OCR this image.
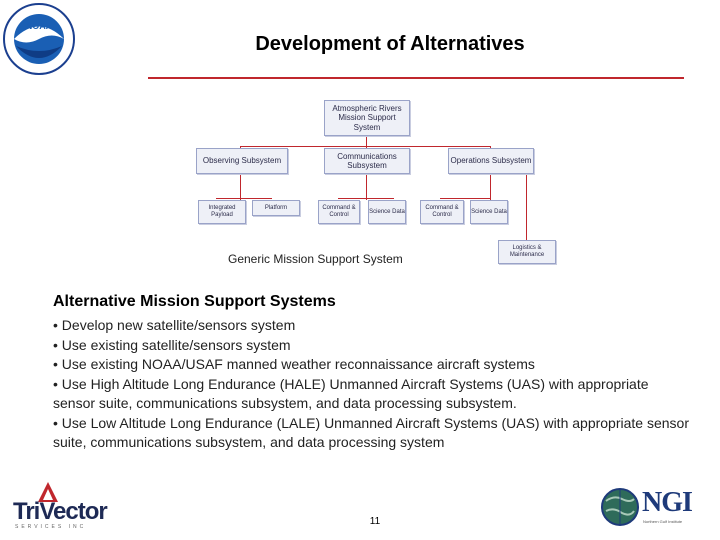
NOAA
Development of Alternatives
Atmospheric Rivers Mission Support System
Observing Subsystem
Communications Subsystem
Operations Subsystem
Integrated Payload
Platform	Command & Control
Science Data
Command & Control
Science Data
Logistics & Maintenance
Generic Mission Support System
Alternative Mission Support Systems

• Develop new satellite/sensors system

• Use existing satellite/sensors system

• Use existing NOAA/USAF manned weather reconnaissance aircraft systems

• Use High Altitude Long Endurance (HALE) Unmanned Aircraft Systems (UAS) with appropriate sensor suite, communications subsystem, and data processing subsystem.

• Use Low Altitude Long Endurance (LALE) Unmanned Aircraft Systems (UAS) with appropriate sensor suite, communications subsystem, and data processing system

TriVector
SERVICES INC	11
NGI
Northern Gulf Institute
